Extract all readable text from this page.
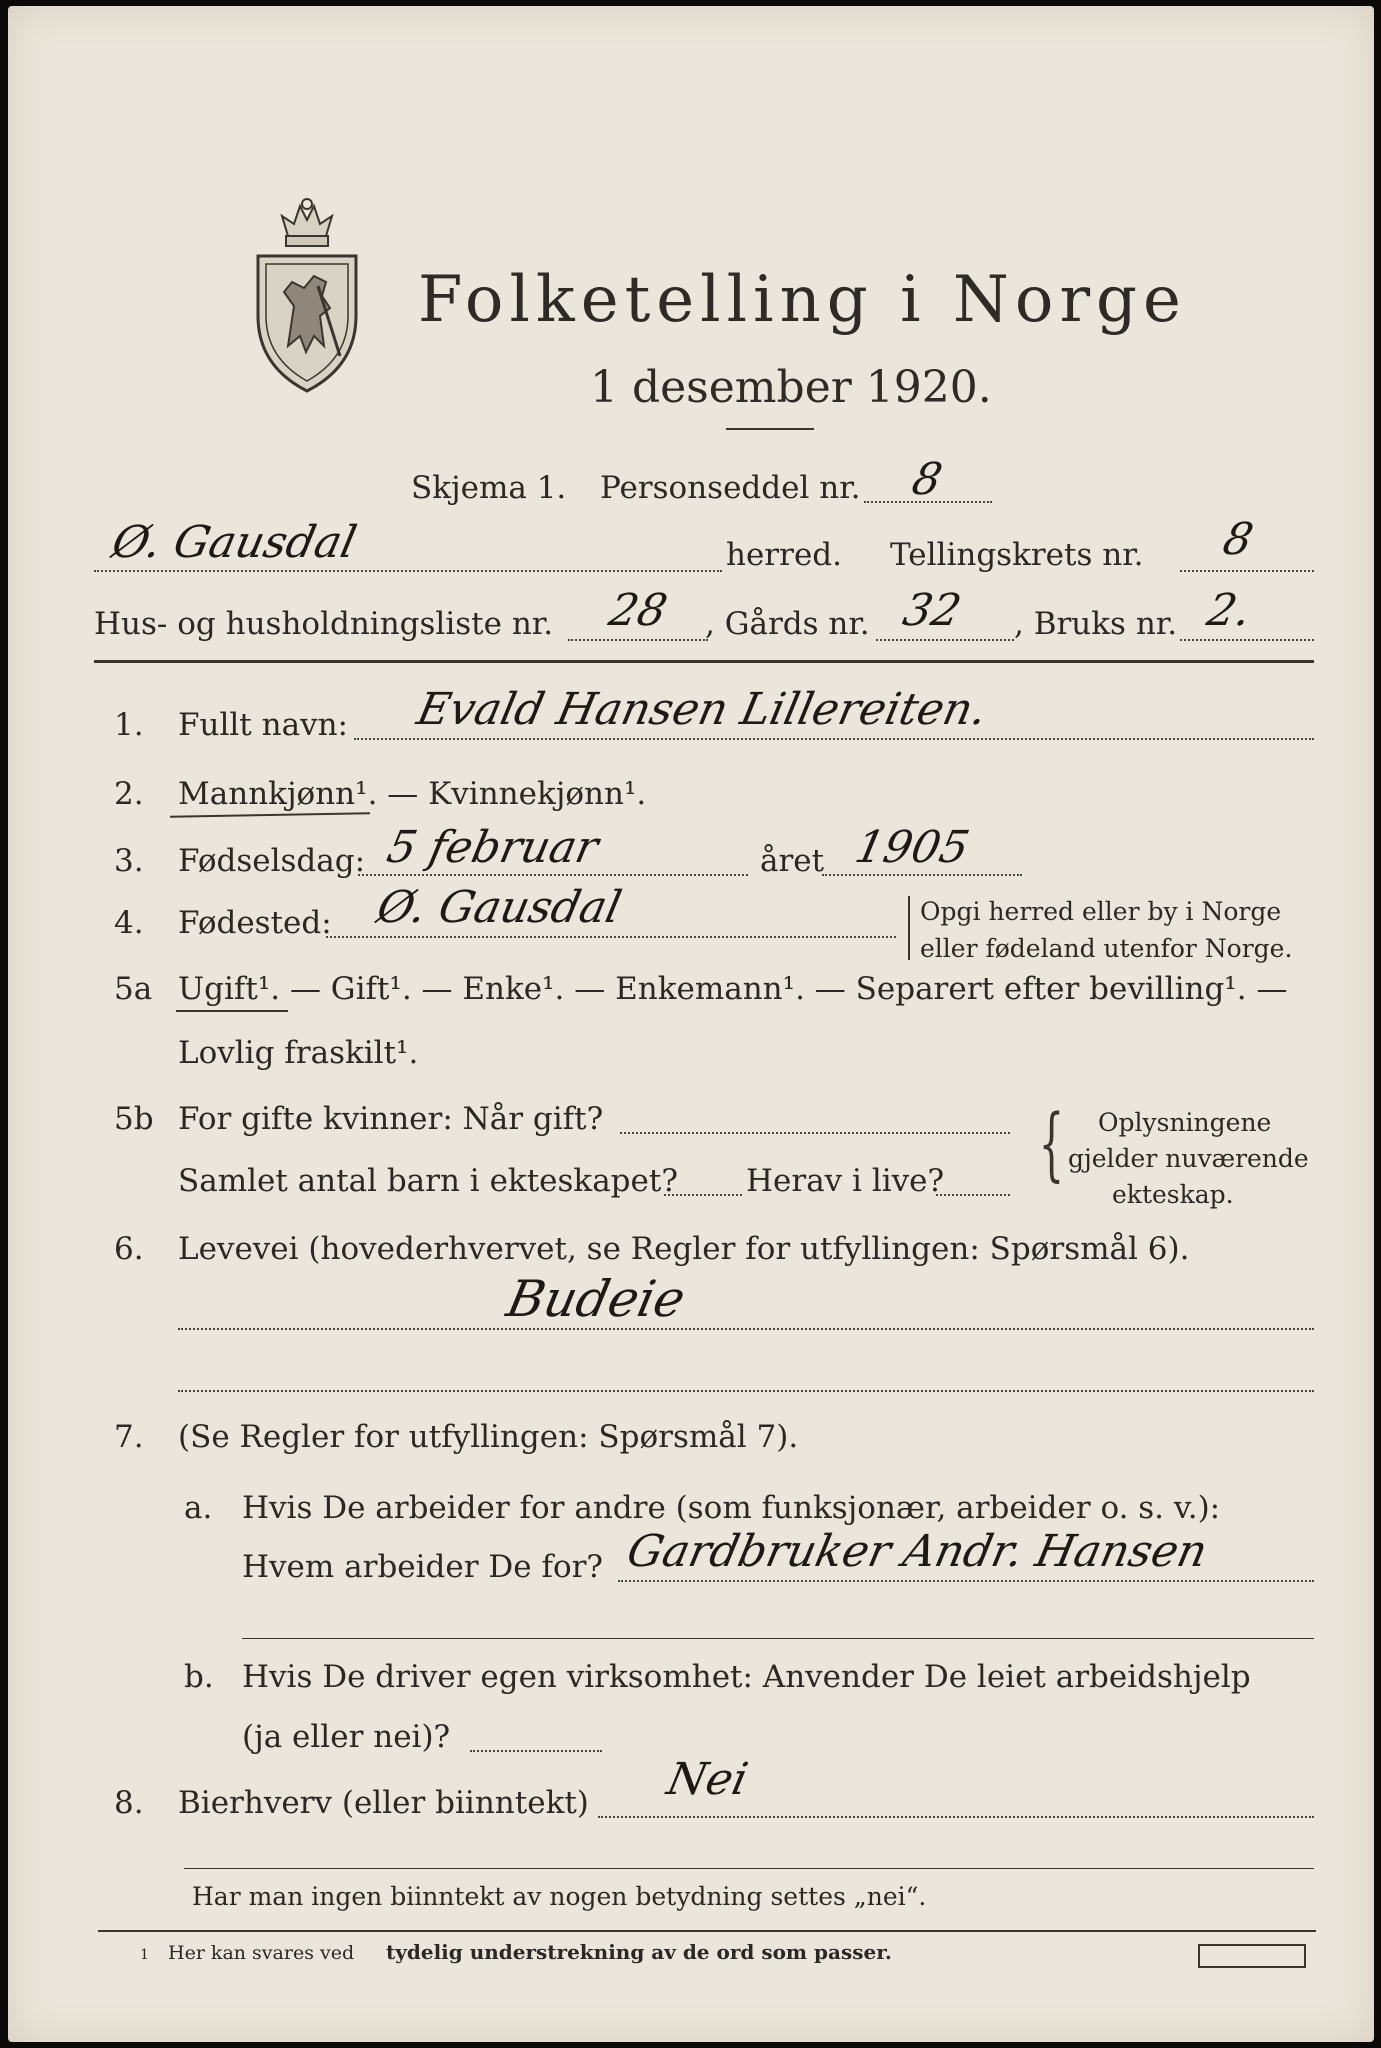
Folketelling i Norge
1 desember 1920.
Skjema 1. Personseddel nr. 8
Ø. Gausdal	herred. Tellingskrets nr. 8
Hus- og husholdningsliste nr. 28 , Gårds nr. 32 , Bruks nr. 2.
1. Fullt navn: Evald Hansen Lillereiten.
2. Mannkjønn¹. — Kvinnekjønn¹.
3. Fødselsdag: 5 februar	året 1905
4. Fødested: Ø. Gausdal	Opgi herred eller by i Norge
eller fødeland utenfor Norge.
5a Ugift¹. — Gift¹. — Enke¹. — Enkemann¹. — Separert efter bevilling¹. —
Lovlig fraskilt¹.
5b For gifte kvinner: Når gift?
Samlet antal barn i ekteskapet? Herav i live? { Oplysningene
gjelder nuværende
ekteskap.
6. Levevei (hovederhvervet, se Regler for utfyllingen: Spørsmål 6).
Budeie
7. (Se Regler for utfyllingen: Spørsmål 7).
a. Hvis De arbeider for andre (som funksjonær, arbeider o. s. v.):
Hvem arbeider De for? Gardbruker Andr. Hansen
b. Hvis De driver egen virksomhet: Anvender De leiet arbeidshjelp
(ja eller nei)?
8. Bierhverv (eller biinntekt) Nei
Har man ingen biinntekt av nogen betydning settes „nei“.
1 Her kan svares ved tydelig understrekning av de ord som passer.
